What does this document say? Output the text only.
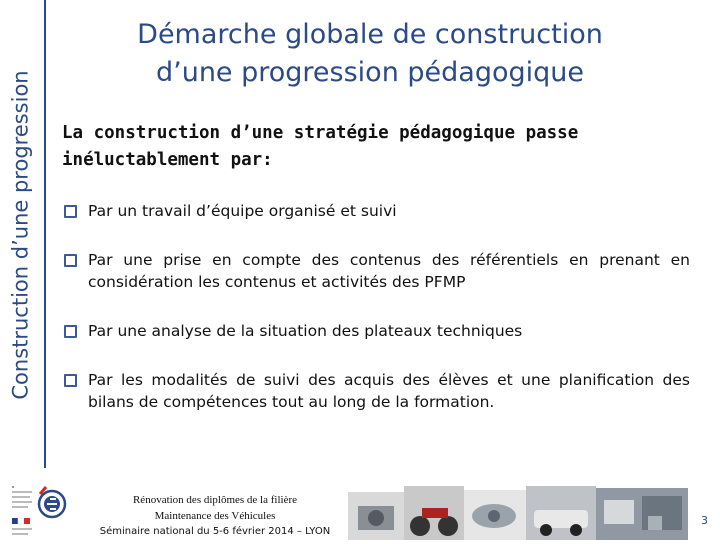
Construction d’une progression
Démarche globale de construction
d’une progression pédagogique
La construction d’une stratégie pédagogique passe
inéluctablement par:
Par un travail d’équipe organisé et suivi
Par une prise en compte des contenus des référentiels en prenant en considération les contenus et activités des PFMP
Par une analyse de la situation des plateaux techniques
Par les modalités de suivi des acquis des élèves et une planification des bilans de compétences tout au long de la formation.
Rénovation des diplômes de la filière
Maintenance des Véhicules
Séminaire national du 5-6 février 2014 – LYON
3
